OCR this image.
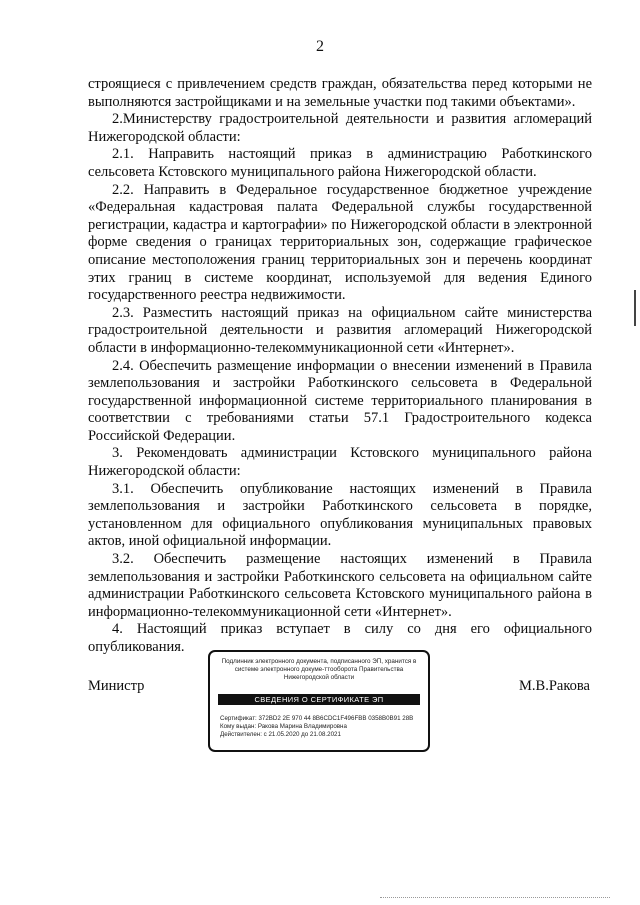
2

строящиеся с привлечением средств граждан, обязательства перед которыми не выполняются застройщиками и на земельные участки под такими объектами».

2.Министерству градостроительной деятельности и развития агломераций Нижегородской области:

2.1. Направить настоящий приказ в администрацию Работкинского сельсовета Кстовского муниципального района Нижегородской области.

2.2. Направить в Федеральное государственное бюджетное учреждение «Федеральная кадастровая палата Федеральной службы государственной регистрации, кадастра и картографии» по Нижегородской области в электронной форме сведения о границах территориальных зон, содержащие графическое описание местоположения границ территориальных зон и перечень координат этих границ в системе координат, используемой для ведения Единого государственного реестра недвижимости.

2.3. Разместить настоящий приказ на официальном сайте министерства градостроительной деятельности и развития агломераций Нижегородской области в информационно-телекоммуникационной сети «Интернет».

2.4. Обеспечить размещение информации о внесении изменений в Правила землепользования и застройки Работкинского сельсовета в Федеральной государственной информационной системе территориального планирования в соответствии с требованиями статьи 57.1 Градостроительного кодекса Российской Федерации.

3. Рекомендовать администрации Кстовского муниципального района Нижегородской области:

3.1. Обеспечить опубликование настоящих изменений в Правила землепользования и застройки Работкинского сельсовета в порядке, установленном для официального опубликования муниципальных правовых актов, иной официальной информации.

3.2. Обеспечить размещение настоящих изменений в Правила землепользования и застройки Работкинского сельсовета на официальном сайте администрации Работкинского сельсовета Кстовского муниципального района в информационно-телекоммуникационной сети «Интернет».

4. Настоящий приказ вступает в силу со дня его официального опубликования.

Министр
Подлинник электронного документа, подписанного ЭП, хранится в системе электронного докуме-ттооборота Правительства Нижегородской области
СВЕДЕНИЯ О СЕРТИФИКАТЕ ЭП
Сертификат: 372BD2 2E 970 44 8B6CDC1F496FBB 0358B0B91 28B
Кому выдан: Ракова Марина Владимировна
Действителен: с 21.05.2020 до 21.08.2021
М.В.Ракова
